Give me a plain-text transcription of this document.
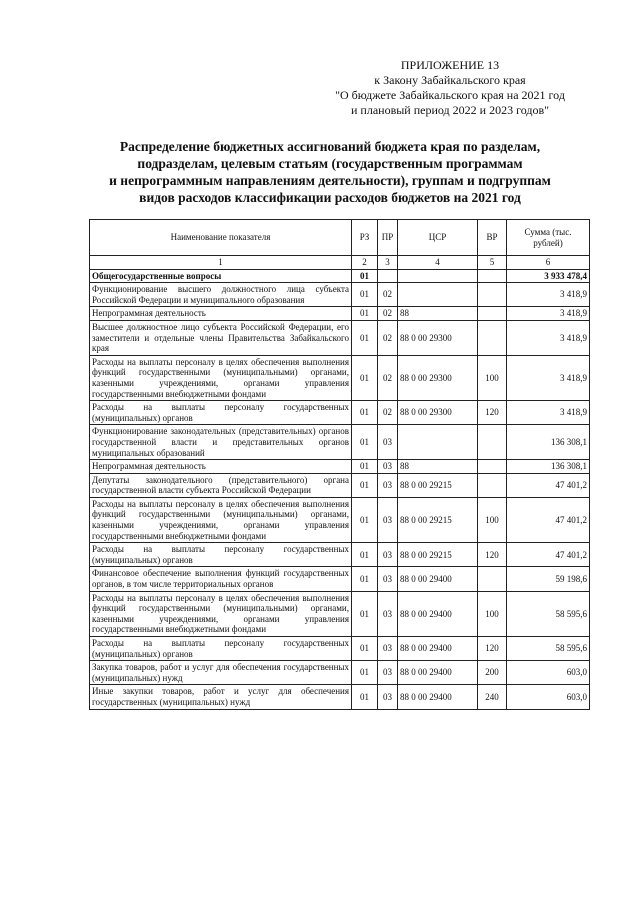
ПРИЛОЖЕНИЕ 13
к Закону Забайкальского края
"О бюджете Забайкальского края на 2021 год
и плановый период 2022 и 2023 годов"
Распределение бюджетных ассигнований бюджета края по разделам,
подразделам, целевым статьям (государственным программам
и непрограммным направлениям деятельности), группам и подгруппам
видов расходов классификации расходов бюджетов на 2021 год
Наименование показателя	РЗ	ПР	ЦСР	ВР	Сумма (тыс. рублей)
1	2	3	4	5	6
Общегосударственные вопросы	01				3 933 478,4
Функционирование высшего должностного лица субъекта Российской Федерации и муниципального образования	01	02			3 418,9
Непрограммная деятельность	01	02	88		3 418,9
Высшее должностное лицо субъекта Российской Федерации, его заместители и отдельные члены Правительства Забайкальского края	01	02	88 0 00 29300		3 418,9
Расходы на выплаты персоналу в целях обеспечения выполнения функций государственными (муниципальными) органами, казенными учреждениями, органами управления государственными внебюджетными фондами	01	02	88 0 00 29300	100	3 418,9
Расходы на выплаты персоналу государственных (муниципальных) органов	01	02	88 0 00 29300	120	3 418,9
Функционирование законодательных (представительных) органов государственной власти и представительных органов муниципальных образований	01	03			136 308,1
Непрограммная деятельность	01	03	88		136 308,1
Депутаты законодательного (представительного) органа государственной власти субъекта Российской Федерации	01	03	88 0 00 29215		47 401,2
Расходы на выплаты персоналу в целях обеспечения выполнения функций государственными (муниципальными) органами, казенными учреждениями, органами управления государственными внебюджетными фондами	01	03	88 0 00 29215	100	47 401,2
Расходы на выплаты персоналу государственных (муниципальных) органов	01	03	88 0 00 29215	120	47 401,2
Финансовое обеспечение выполнения функций государственных органов, в том числе территориальных органов	01	03	88 0 00 29400		59 198,6
Расходы на выплаты персоналу в целях обеспечения выполнения функций государственными (муниципальными) органами, казенными учреждениями, органами управления государственными внебюджетными фондами	01	03	88 0 00 29400	100	58 595,6
Расходы на выплаты персоналу государственных (муниципальных) органов	01	03	88 0 00 29400	120	58 595,6
Закупка товаров, работ и услуг для обеспечения государственных (муниципальных) нужд	01	03	88 0 00 29400	200	603,0
Иные закупки товаров, работ и услуг для обеспечения государственных (муниципальных) нужд	01	03	88 0 00 29400	240	603,0
